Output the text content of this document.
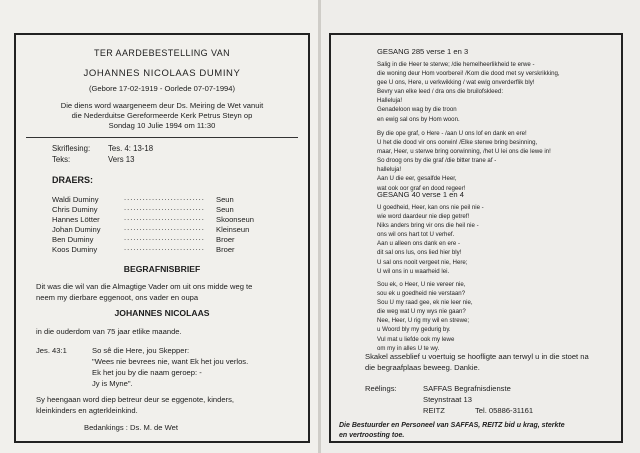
TER AARDEBESTELLING VAN
JOHANNES NICOLAAS DUMINY
(Gebore 17-02-1919 - Oorlede 07-07-1994)
Die diens word waargeneem deur Ds. Meiring de Wet vanuit
die Nederduitse Gereformeerde Kerk Petrus Steyn op
Sondag 10 Julie 1994 om 11:30
Skriflesing: Tes. 4: 13-18
Teks:	Vers 13
DRAERS:
Waldi Duminy	.......................... Seun
Chris Duminy	.......................... Seun
Hannes Lötter	.......................... Skoonseun
Johan Duminy	.......................... Kleinseun
Ben Duminy	.......................... Broer
Koos Duminy	.......................... Broer
BEGRAFNISBRIEF
Dit was die wil van die Almagtige Vader om uit ons midde weg te
neem my dierbare eggenoot, ons vader en oupa
JOHANNES NICOLAAS
in die ouderdom van 75 jaar etlike maande.
Jes. 43:1	So sê die Here, jou Skepper:
"Wees nie bevrees nie, want Ek het jou verlos.
Ek het jou by die naam geroep: -
Jy is Myne".
Sy heengaan word diep betreur deur se eggenote, kinders,
kleinkinders en agterkleinkind.
Bedankings : Ds. M. de Wet
GESANG 285 verse 1 en 3
Salig in die Heer te sterwe; /die hemelheerlikheid te erwe -
die woning deur Hom voorberei! /Kom die dood met sy verskrikking,
gee U ons, Here, u verkwikking / wat ewig onverderflik bly!
Bevry van elke leed / dra ons die bruilofskleed:
Halleluja!
Genadeloon wag by die troon
en ewig sal ons by Hom woon.
By die ope graf, o Here - /aan U ons lof en dank en ere!
U het die dood vir ons oorwin! /Elke sterwe bring besinning,
maar, Heer, u sterwe bring oorwinning, /het U lei ons die lewe in!
So droog ons by die graf /die bitter trane af -
halleluja!
Aan U die eer, gesalfde Heer,
wat ook oor graf en dood regeer!
GESANG 40 verse 1 en 4
U goedheid, Heer, kan ons nie peil nie -
wie word daardeur nie diep getref!
Niks anders bring vir ons die heil nie -
ons wil ons hart tot U verhef.
Aan u alleen ons dank en ere -
dit sal ons lus, ons lied hier bly!
U sal ons nooit vergeet nie, Here;
U wil ons in u waarheid lei.
Sou ek, o Heer, U nie vereer nie,
sou ek u goedheid nie verstaan?
Sou U my raad gee, ek nie leer nie,
die weg wat U my wys nie gaan?
Nee, Heer, U rig my wil en strewe;
u Woord bly my gedurig by.
Vul mat u liefde ook my lewe
om my in alles U te wy.
Skakel asseblief u voertuig se hoofligte aan terwyl u in die stoet na
die begraafplaas beweeg. Dankie.
Reëlings:	SAFFAS Begrafnisdienste
Steynstraat 13
REITZ	Tel. 05886-31161
Die Bestuurder en Personeel van SAFFAS, REITZ bid u krag, sterkte
en vertroosting toe.
